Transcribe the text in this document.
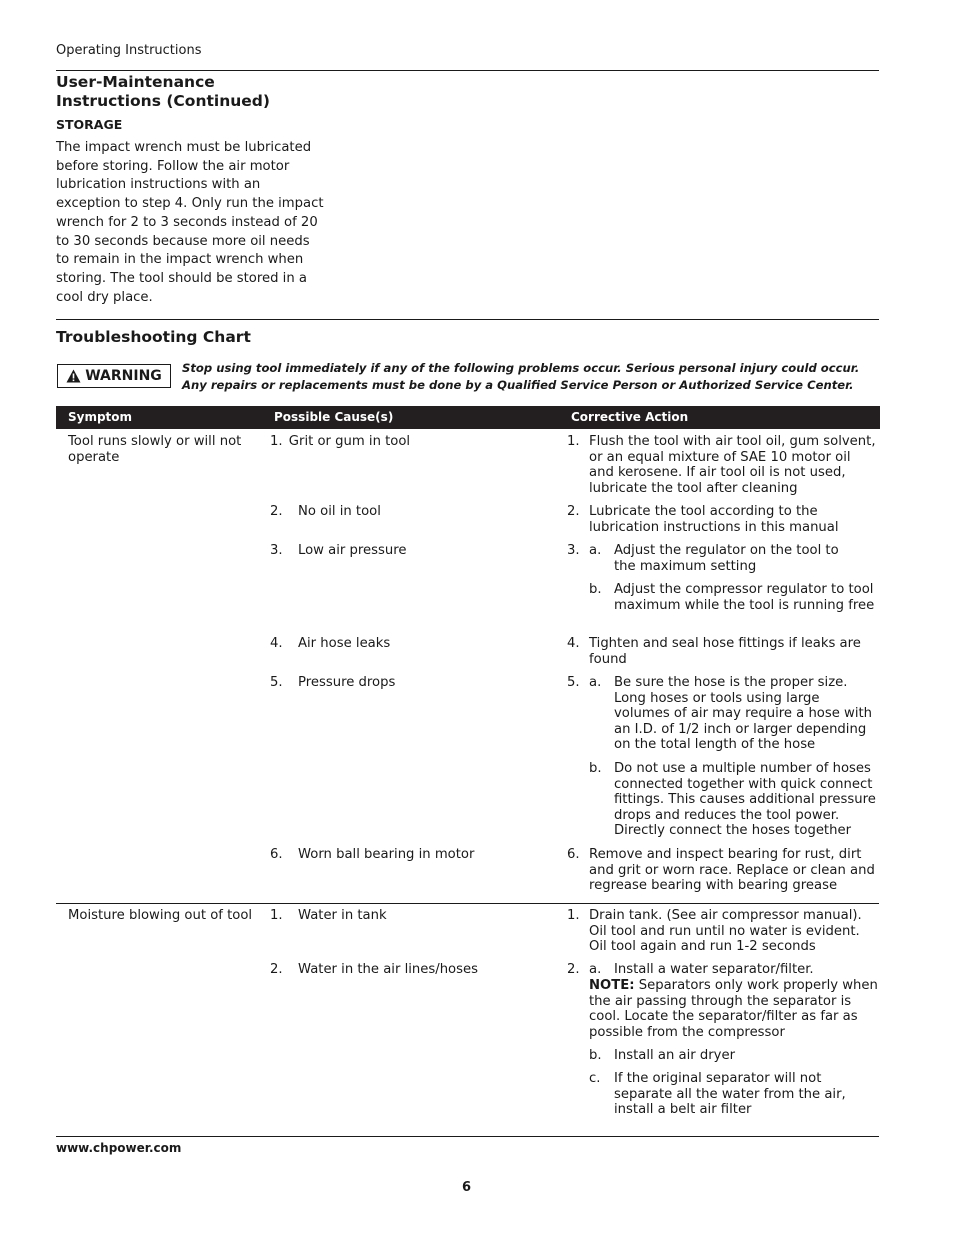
Operating Instructions
User-Maintenance
Instructions (Continued)
STORAGE
The impact wrench must be lubricated before storing. Follow the air motor lubrication instructions with an exception to step 4. Only run the impact wrench for 2 to 3 seconds instead of 20 to 30 seconds because more oil needs to remain in the impact wrench when storing. The tool should be stored in a cool dry place.
Troubleshooting Chart
WARNING Stop using tool immediately if any of the following problems occur. Serious personal injury could occur.
Any repairs or replacements must be done by a Qualified Service Person or Authorized Service Center.
Symptom	Possible Cause(s)	Corrective Action
Tool runs slowly or will not operate
Moisture blowing out of tool
1. Grit or gum in tool
2. No oil in tool
3. Low air pressure
4. Air hose leaks
5. Pressure drops
6. Worn ball bearing in motor
1. Water in tank
2. Water in the air lines/hoses
1. Flush the tool with air tool oil, gum solvent, or an equal mixture of SAE 10 motor oil and kerosene. If air tool oil is not used, lubricate the tool after cleaning
2. Lubricate the tool according to the lubrication instructions in this manual
3. a. Adjust the regulator on the tool to the maximum setting
b. Adjust the compressor regulator to tool maximum while the tool is running free
4. Tighten and seal hose fittings if leaks are found
5. a. Be sure the hose is the proper size. Long hoses or tools using large volumes of air may require a hose with an I.D. of 1/2 inch or larger depending on the total length of the hose
b. Do not use a multiple number of hoses connected together with quick connect fittings. This causes additional pressure drops and reduces the tool power. Directly connect the hoses together
6. Remove and inspect bearing for rust, dirt and grit or worn race. Replace or clean and regrease bearing with bearing grease
1. Drain tank. (See air compressor manual). Oil tool and run until no water is evident. Oil tool again and run 1-2 seconds
2. a. Install a water separator/filter.
NOTE: Separators only work properly when the air passing through the separator is cool. Locate the separator/filter as far as possible from the compressor
b. Install an air dryer
c. If the original separator will not separate all the water from the air, install a belt air filter
www.chpower.com
6
